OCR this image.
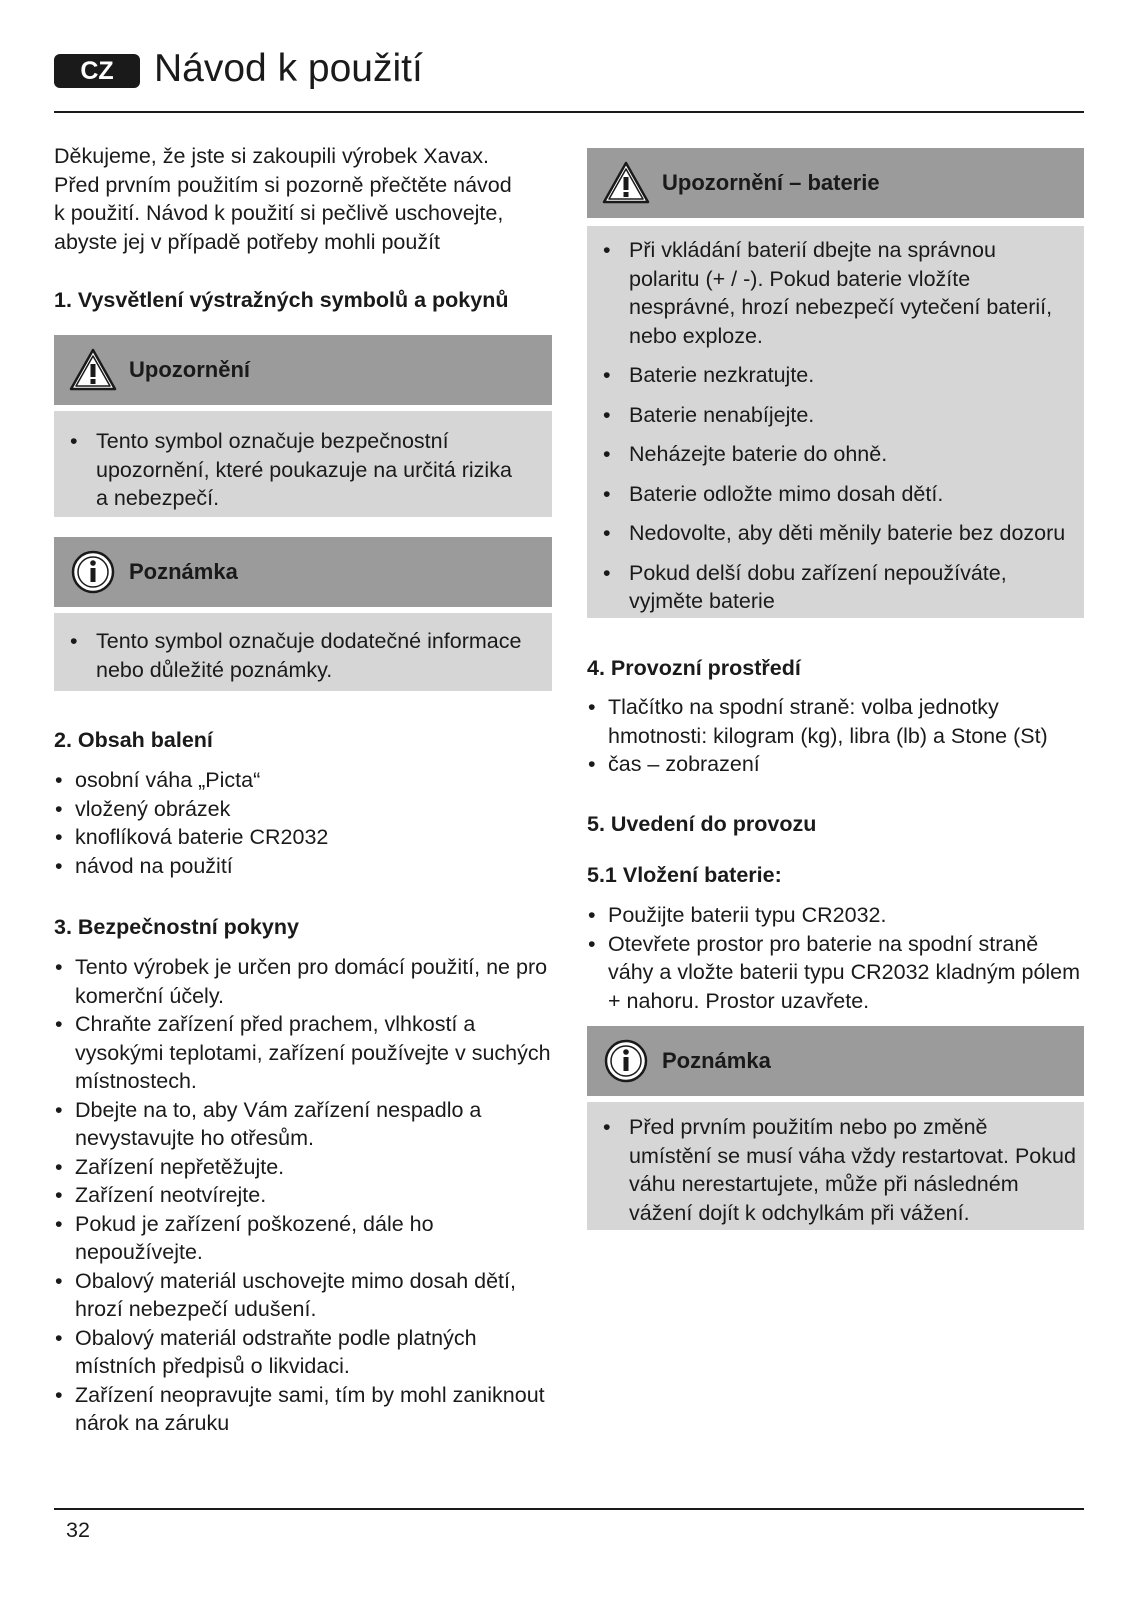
CZ	Návod k použití

Děkujeme, že jste si zakoupili výrobek Xavax.

Před prvním použitím si pozorně přečtěte návod

k použití. Návod k použití si pečlivě uschovejte,

abyste jej v případě potřeby mohli použít

1. Vysvětlení výstražných symbolů a pokynů
Upozornění
• Tento symbol označuje bezpečnostní
upozornění, které poukazuje na určitá rizika
a nebezpečí.
Poznámka
• Tento symbol označuje dodatečné informace
nebo důležité poznámky.
2. Obsah balení
• osobní váha „Picta“
• vložený obrázek
• knoflíková baterie CR2032
• návod na použití
3. Bezpečnostní pokyny
• Tento výrobek je určen pro domácí použití, ne pro
komerční účely.
• Chraňte zařízení před prachem, vlhkostí a
vysokými teplotami, zařízení používejte v suchých
místnostech.
• Dbejte na to, aby Vám zařízení nespadlo a
nevystavujte ho otřesům.
• Zařízení nepřetěžujte.
• Zařízení neotvírejte.
• Pokud je zařízení poškozené, dále ho
nepoužívejte.
• Obalový materiál uschovejte mimo dosah dětí,
hrozí nebezpečí udušení.
• Obalový materiál odstraňte podle platných
místních předpisů o likvidaci.
• Zařízení neopravujte sami, tím by mohl zaniknout
nárok na záruku
Upozornění – baterie
• Při vkládání baterií dbejte na správnou
polaritu (+ / -). Pokud baterie vložíte
nesprávné, hrozí nebezpečí vytečení baterií,
nebo exploze.
• Baterie nezkratujte.
• Baterie nenabíjejte.
• Neházejte baterie do ohně.
• Baterie odložte mimo dosah dětí.
• Nedovolte, aby děti měnily baterie bez dozoru
• Pokud delší dobu zařízení nepoužíváte,
vyjměte baterie
4. Provozní prostředí
• Tlačítko na spodní straně: volba jednotky
hmotnosti: kilogram (kg), libra (lb) a Stone (St)
• čas – zobrazení
5. Uvedení do provozu
5.1 Vložení baterie:
• Použijte baterii typu CR2032.
• Otevřete prostor pro baterie na spodní straně
váhy a vložte baterii typu CR2032 kladným pólem
+ nahoru. Prostor uzavřete.
Poznámka
• Před prvním použitím nebo po změně
umístění se musí váha vždy restartovat. Pokud
váhu nerestartujete, může při následném
vážení dojít k odchylkám při vážení.
32
